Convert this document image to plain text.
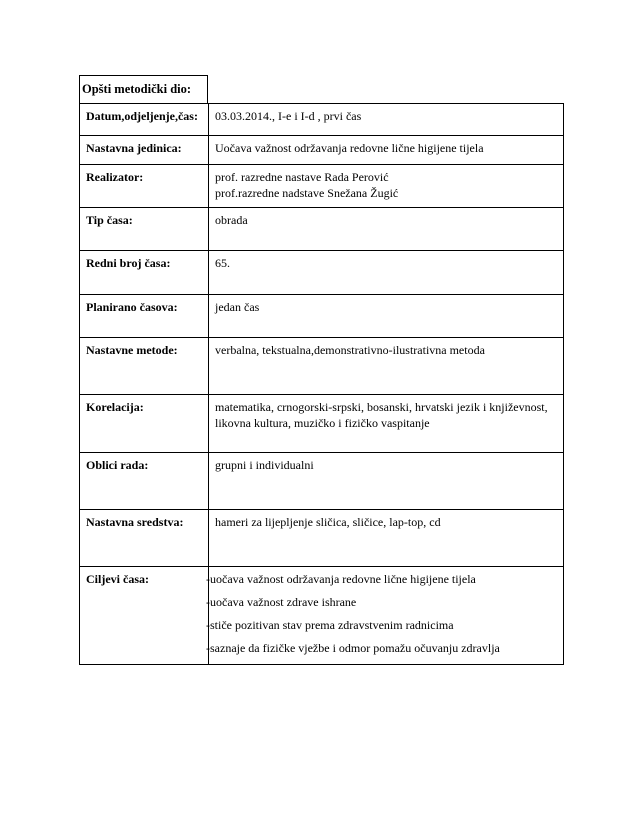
Opšti metodički dio:
Datum,odjeljenje,čas:	03.03.2014., I-e i I-d , prvi čas

Nastavna jedinica:	Uočava važnost održavanja redovne lične higijene tijela

Realizator:	prof. razredne nastave Rada Perović
prof.razredne nadstave Snežana Žugić

Tip časa:	obrada

Redni broj časa:	65.

Planirano časova:	jedan čas

Nastavne metode:	verbalna, tekstualna,demonstrativno-ilustrativna metoda

Korelacija:	matematika, crnogorski-srpski, bosanski, hrvatski jezik i književnost,
likovna kultura, muzičko i fizičko vaspitanje

Oblici rada:	grupni i individualni

Nastavna sredstva:	hameri za lijepljenje sličica, sličice, lap-top, cd

Ciljevi časa:	-uočava važnost održavanja redovne lične higijene tijela
-uočava važnost zdrave ishrane
-stiče pozitivan stav prema zdravstvenim radnicima
-saznaje da fizičke vježbe i odmor pomažu očuvanju zdravlja
